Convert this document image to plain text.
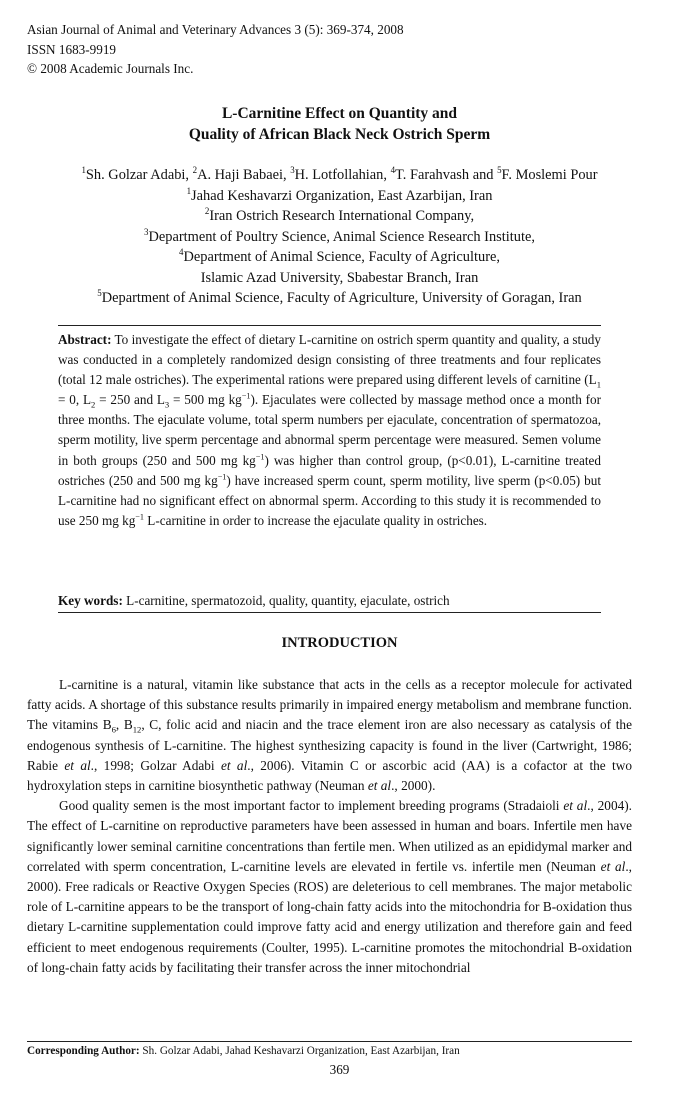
Asian Journal of Animal and Veterinary Advances 3 (5): 369-374, 2008
ISSN 1683-9919
© 2008 Academic Journals Inc.
L-Carnitine Effect on Quantity and
Quality of African Black Neck Ostrich Sperm
$^1$Sh. Golzar Adabi, $^2$A. Haji Babaei, $^3$H. Lotfollahian, $^4$T. Farahvash and $^5$F. Moslemi Pour
$^1$Jahad Keshavarzi Organization, East Azarbijan, Iran
$^2$Iran Ostrich Research International Company,
$^3$Department of Poultry Science, Animal Science Research Institute,
$^4$Department of Animal Science, Faculty of Agriculture,
Islamic Azad University, Sbabestar Branch, Iran
$^5$Department of Animal Science, Faculty of Agriculture, University of Goragan, Iran
Abstract: To investigate the effect of dietary L-carnitine on ostrich sperm quantity and quality, a study was conducted in a completely randomized design consisting of three treatments and four replicates (total 12 male ostriches). The experimental rations were prepared using different levels of carnitine ($L_1 = 0$, $L_2 = 250$ and $L_3 = 500$ mg $kg^{-1}$). Ejaculates were collected by massage method once a month for three months. The ejaculate volume, total sperm numbers per ejaculate, concentration of spermatozoa, sperm motility, live sperm percentage and abnormal sperm percentage were measured. Semen volume in both groups (250 and 500 mg $kg^{-1}$) was higher than control group, (p<0.01), L-carnitine treated ostriches (250 and 500 mg $kg^{-1}$) have increased sperm count, sperm motility, live sperm (p<0.05) but L-carnitine had no significant effect on abnormal sperm. According to this study it is recommended to use 250 mg $kg^{-1}$ L-carnitine in order to increase the ejaculate quality in ostriches.
Key words: L-carnitine, spermatozoid, quality, quantity, ejaculate, ostrich
INTRODUCTION

L-carnitine is a natural, vitamin like substance that acts in the cells as a receptor molecule for activated fatty acids. A shortage of this substance results primarily in impaired energy metabolism and membrane function. The vitamins $B_6$, $B_{12}$, C, folic acid and niacin and the trace element iron are also necessary as catalysis of the endogenous synthesis of L-carnitine. The highest synthesizing capacity is found in the liver (Cartwright, 1986; Rabie et al., 1998; Golzar Adabi et al., 2006). Vitamin C or ascorbic acid (AA) is a cofactor at the two hydroxylation steps in carnitine biosynthetic pathway (Neuman et al., 2000).

Good quality semen is the most important factor to implement breeding programs (Stradaioli et al., 2004). The effect of L-carnitine on reproductive parameters have been assessed in human and boars. Infertile men have significantly lower seminal carnitine concentrations than fertile men. When utilized as an epididymal marker and correlated with sperm concentration, L-carnitine levels are elevated in fertile vs. infertile men (Neuman et al., 2000). Free radicals or Reactive Oxygen Species (ROS) are deleterious to cell membranes. The major metabolic role of L-carnitine appears to be the transport of long-chain fatty acids into the mitochondria for B-oxidation thus dietary L-carnitine supplementation could improve fatty acid and energy utilization and therefore gain and feed efficient to meet endogenous requirements (Coulter, 1995). L-carnitine promotes the mitochondrial B-oxidation of long-chain fatty acids by facilitating their transfer across the inner mitochondrial

Corresponding Author: Sh. Golzar Adabi, Jahad Keshavarzi Organization, East Azarbijan, Iran
369
